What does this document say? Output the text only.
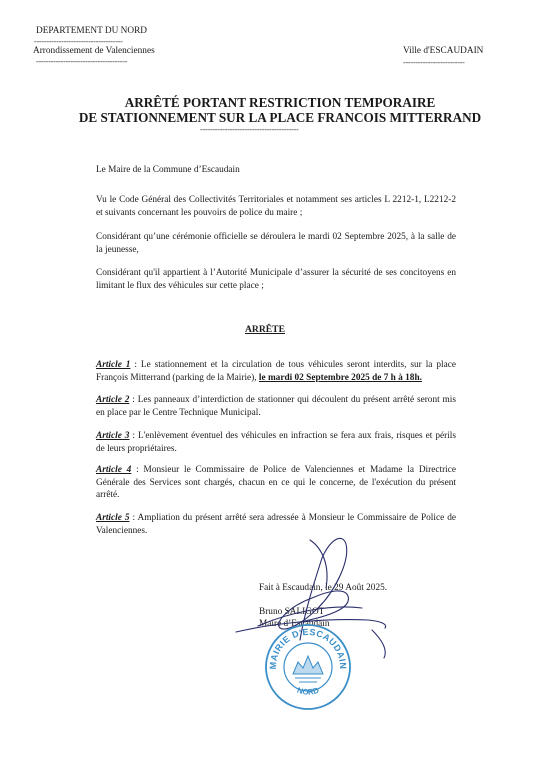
DEPARTEMENT DU NORD
------------------------------------
Arrondissement de Valenciennes
-------------------------------------
Ville d'ESCAUDAIN
-------------------------
ARRÊTÉ PORTANT RESTRICTION TEMPORAIRE
DE STATIONNEMENT SUR LA PLACE FRANCOIS MITTERRAND
----------------------------------------
Le Maire de la Commune d’Escaudain
Vu le Code Général des Collectivités Territoriales et notamment ses articles L 2212-1, L2212-2 et suivants concernant les pouvoirs de police du maire ;
Considérant qu’une cérémonie officielle se déroulera le mardi 02 Septembre 2025, à la salle de la jeunesse,
Considérant qu'il appartient à l’Autorité Municipale d’assurer la sécurité de ses concitoyens en limitant le flux des véhicules sur cette place ;
ARRÊTE
Article 1 : Le stationnement et la circulation de tous véhicules seront interdits, sur la place François Mitterrand (parking de la Mairie), le mardi 02 Septembre 2025 de 7 h à 18h.
Article 2 : Les panneaux d’interdiction de stationner qui découlent du présent arrêté seront mis en place par le Centre Technique Municipal.
Article 3 : L'enlèvement éventuel des véhicules en infraction se fera aux frais, risques et périls de leurs propriétaires.
Article 4 : Monsieur le Commissaire de Police de Valenciennes et Madame la Directrice Générale des Services sont chargés, chacun en ce qui le concerne, de l'exécution du présent arrêté.
Article 5 : Ampliation du présent arrêté sera adressée à Monsieur le Commissaire de Police de Valenciennes.
Fait à Escaudain, le 29 Août 2025.
Bruno SALIGOT
Maire d’Escaudain
MAIRIE D'ESCAUDAIN
NORD
